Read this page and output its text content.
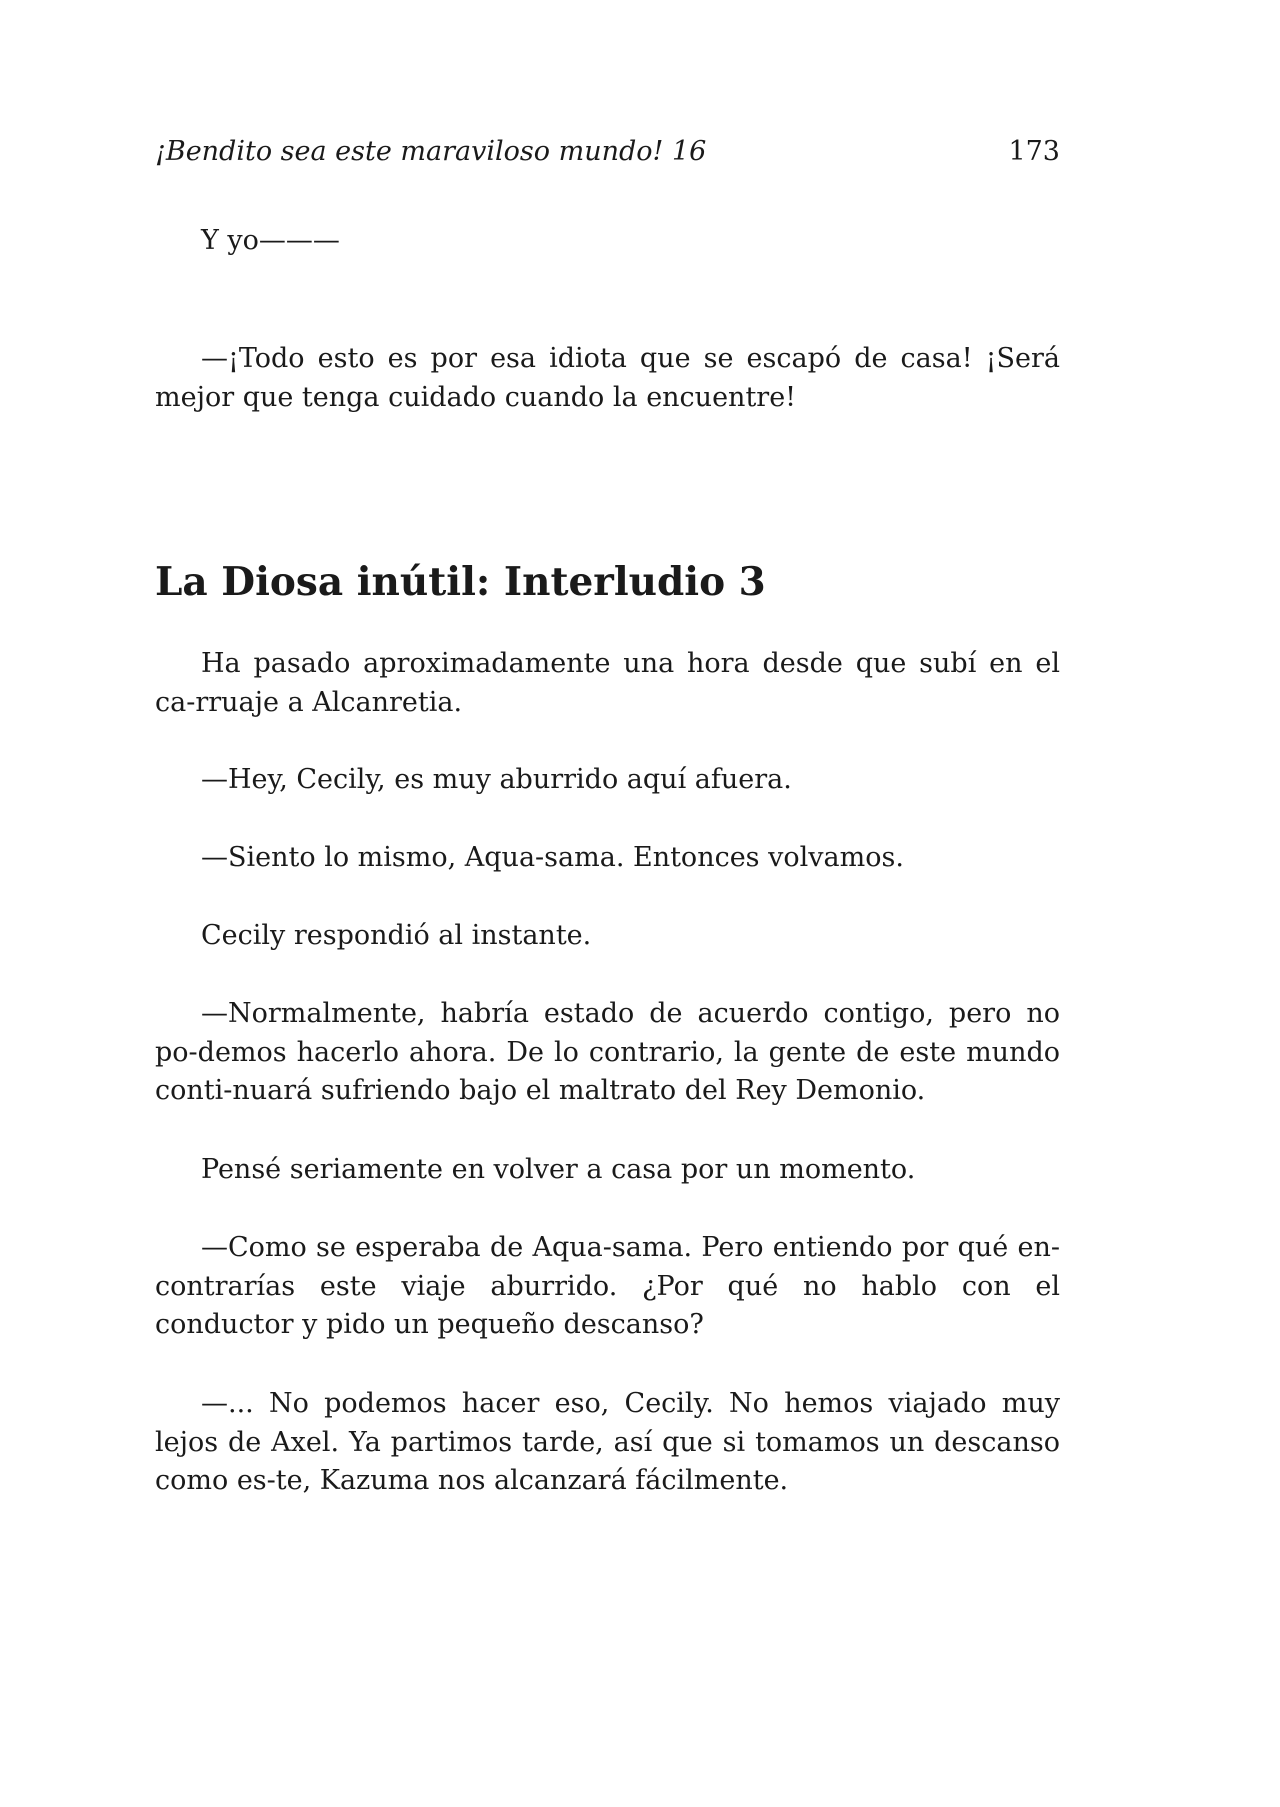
¡Bendito sea este maraviloso mundo! 16	173

Y yo———

—¡Todo esto es por esa idiota que se escapó de casa! ¡Será mejor que tenga cuidado cuando la encuentre!

La Diosa inútil: Interludio 3

Ha pasado aproximadamente una hora desde que subí en el ca-rruaje a Alcanretia.

—Hey, Cecily, es muy aburrido aquí afuera.

—Siento lo mismo, Aqua-sama. Entonces volvamos.

Cecily respondió al instante.

—Normalmente, habría estado de acuerdo contigo, pero no po-demos hacerlo ahora. De lo contrario, la gente de este mundo conti-nuará sufriendo bajo el maltrato del Rey Demonio.

Pensé seriamente en volver a casa por un momento.

—Como se esperaba de Aqua-sama. Pero entiendo por qué en-contrarías este viaje aburrido. ¿Por qué no hablo con el conductor y pido un pequeño descanso?

—... No podemos hacer eso, Cecily. No hemos viajado muy lejos de Axel. Ya partimos tarde, así que si tomamos un descanso como es-te, Kazuma nos alcanzará fácilmente.
